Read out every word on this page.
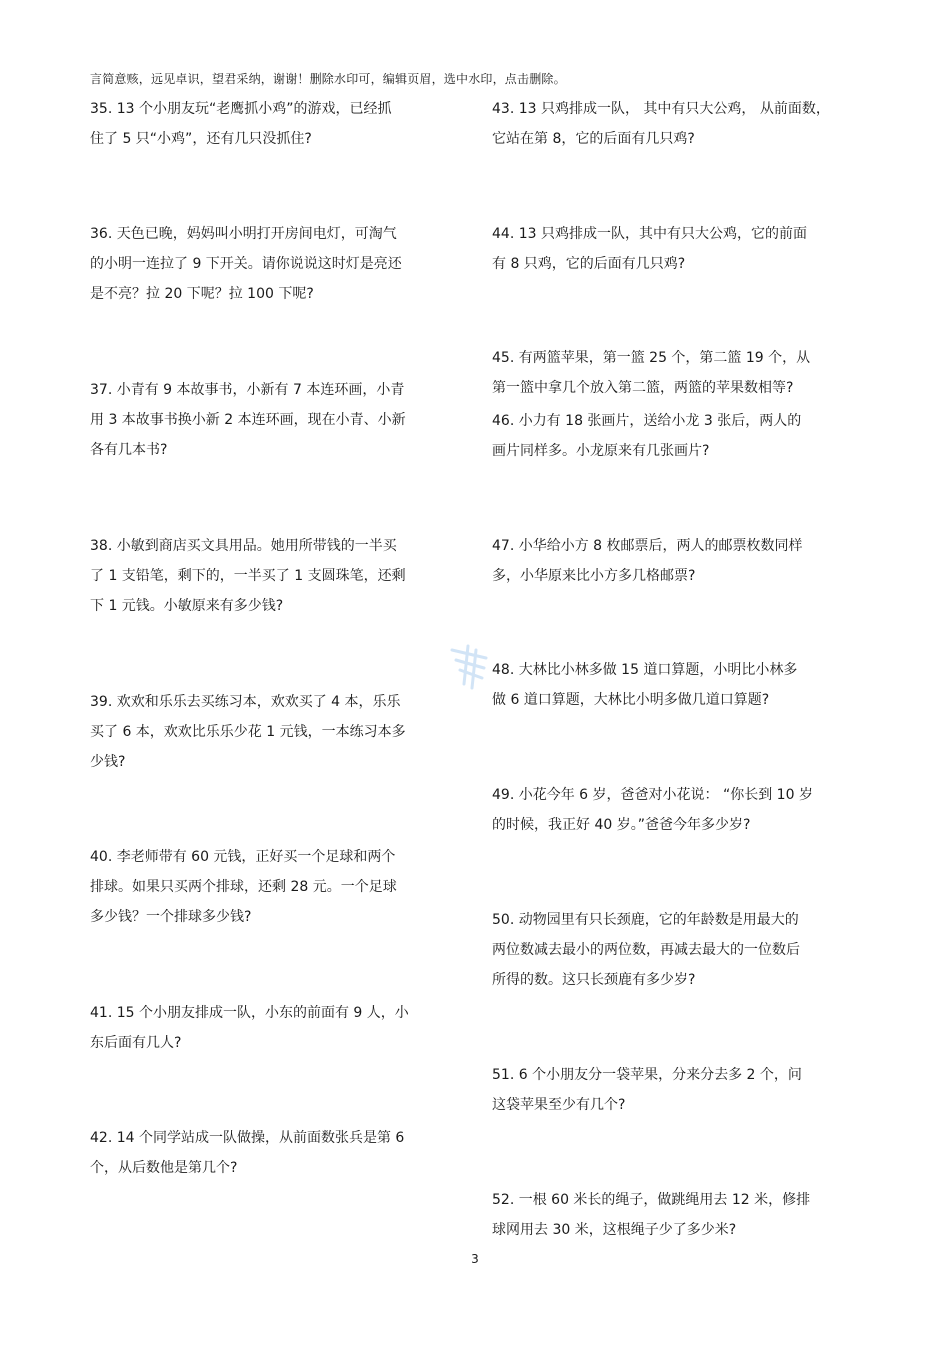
言简意赅，远见卓识，望君采纳，谢谢！删除水印可，编辑页眉，选中水印，点击删除。
35. 13 个小朋友玩“老鹰抓小鸡”的游戏，已经抓
住了 5 只“小鸡”，还有几只没抓住?
36. 天色已晚，妈妈叫小明打开房间电灯，可淘气
的小明一连拉了 9 下开关。请你说说这时灯是亮还
是不亮？拉 20 下呢？拉 100 下呢?
37. 小青有 9 本故事书，小新有 7 本连环画，小青
用 3 本故事书换小新 2 本连环画，现在小青、小新
各有几本书?
38. 小敏到商店买文具用品。她用所带钱的一半买
了 1 支铅笔，剩下的，一半买了 1 支圆珠笔，还剩
下 1 元钱。小敏原来有多少钱?
39. 欢欢和乐乐去买练习本，欢欢买了 4 本，乐乐
买了 6 本，欢欢比乐乐少花 1 元钱，一本练习本多
少钱?
40. 李老师带有 60 元钱，正好买一个足球和两个
排球。如果只买两个排球，还剩 28 元。一个足球
多少钱？一个排球多少钱?
41. 15 个小朋友排成一队，小东的前面有 9 人，小
东后面有几人?
42. 14 个同学站成一队做操，从前面数张兵是第 6
个，从后数他是第几个?
43. 13 只鸡排成一队， 其中有只大公鸡， 从前面数，
它站在第 8，它的后面有几只鸡?
44. 13 只鸡排成一队，其中有只大公鸡，它的前面
有 8 只鸡，它的后面有几只鸡?
45. 有两篮苹果，第一篮 25 个，第二篮 19 个，从
第一篮中拿几个放入第二篮，两篮的苹果数相等?
46. 小力有 18 张画片，送给小龙 3 张后，两人的
画片同样多。小龙原来有几张画片?
47. 小华给小方 8 枚邮票后，两人的邮票枚数同样
多，小华原来比小方多几格邮票?
48. 大林比小林多做 15 道口算题，小明比小林多
做 6 道口算题，大林比小明多做几道口算题?
49. 小花今年 6 岁，爸爸对小花说： “你长到 10 岁
的时候，我正好 40 岁。”爸爸今年多少岁?
50. 动物园里有只长颈鹿，它的年龄数是用最大的
两位数减去最小的两位数，再减去最大的一位数后
所得的数。这只长颈鹿有多少岁?
51. 6 个小朋友分一袋苹果，分来分去多 2 个，问
这袋苹果至少有几个?
52. 一根 60 米长的绳子，做跳绳用去 12 米，修排
球网用去 30 米，这根绳子少了多少米?
3
